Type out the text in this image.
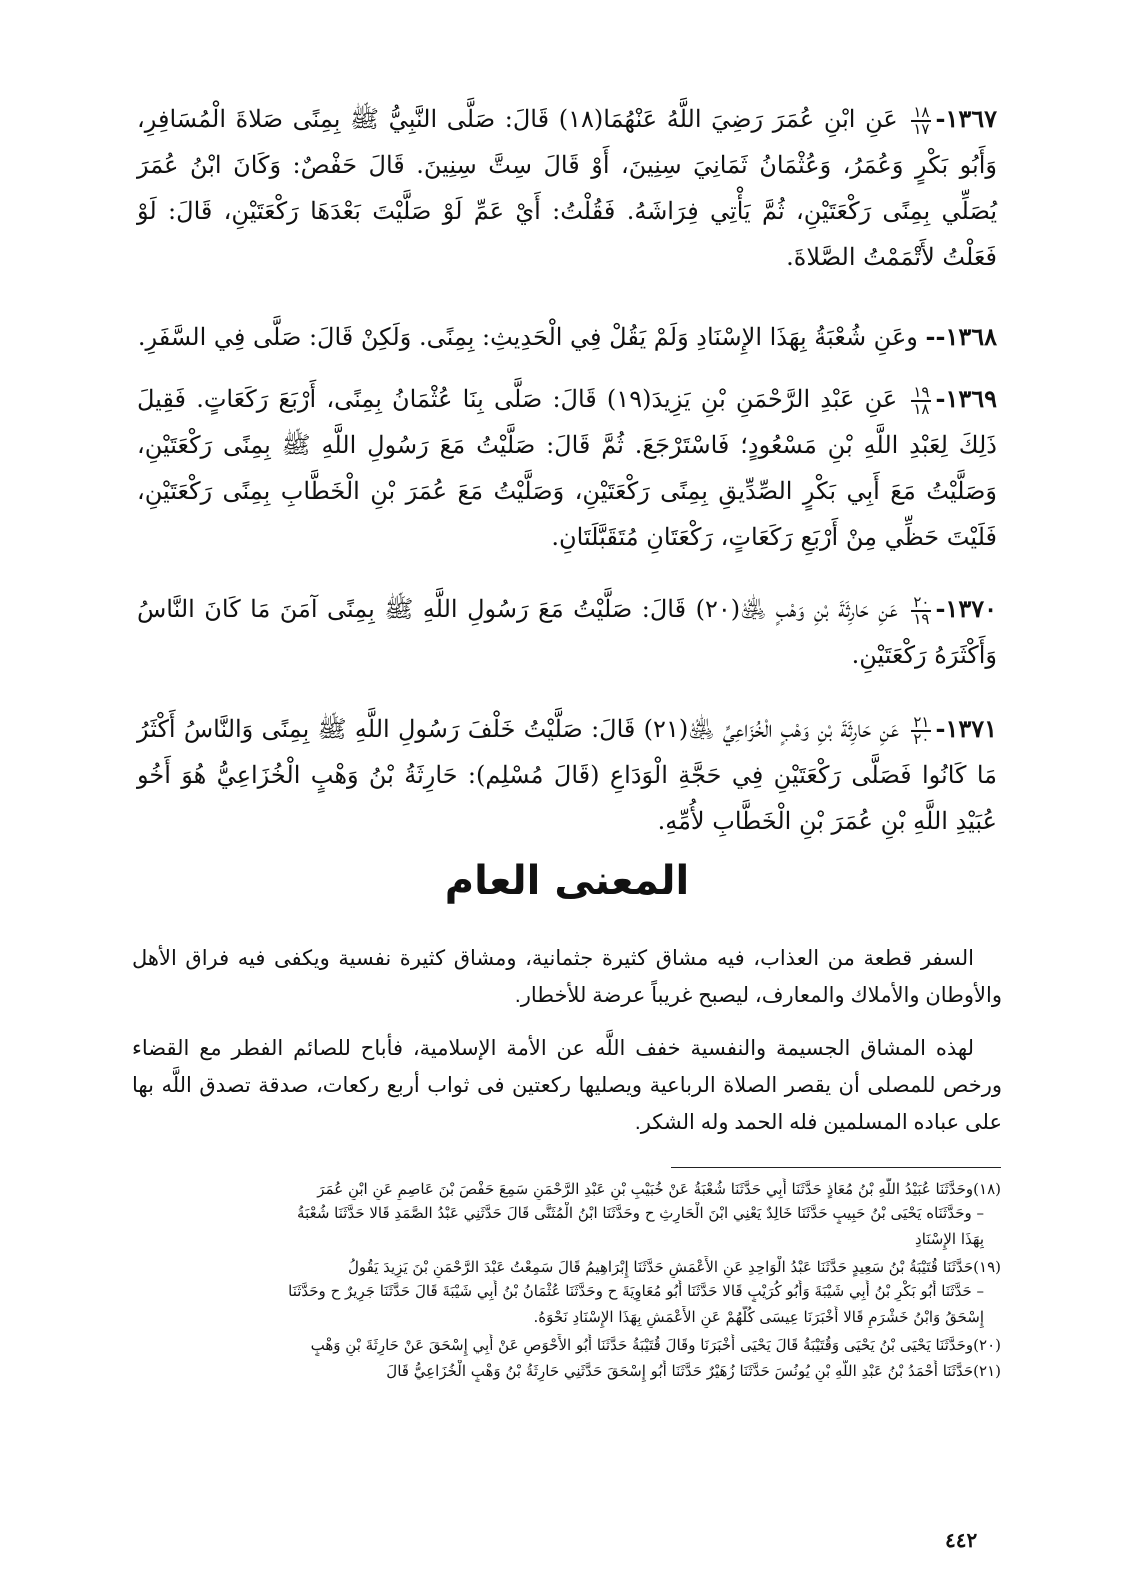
١٣٦٧-
$\frac{١٨}{١٧}$
عَنِ ابْنِ عُمَرَ رَضِيَ اللَّهُ عَنْهُمَا(١٨) قَالَ: صَلَّى النَّبِيُّ ﷺ بِمِنًى صَلاةَ الْمُسَافِرِ، وَأَبُو بَكْرٍ وَعُمَرُ، وَعُثْمَانُ ثَمَانِيَ سِنِينَ، أَوْ قَالَ سِتَّ سِنِينَ. قَالَ حَفْصٌ: وَكَانَ ابْنُ عُمَرَ يُصَلِّي بِمِنًى رَكْعَتَيْنِ، ثُمَّ يَأْتِي فِرَاشَهُ. فَقُلْتُ: أَيْ عَمِّ لَوْ صَلَّيْتَ بَعْدَهَا رَكْعَتَيْنِ، قَالَ: لَوْ فَعَلْتُ لأَتْمَمْتُ الصَّلاةَ.

١٣٦٨-- وعَنِ شُعْبَةُ بِهَذَا الإِسْنَادِ وَلَمْ يَقُلْ فِي الْحَدِيثِ: بِمِنًى. وَلَكِنْ قَالَ: صَلَّى فِي السَّفَرِ.

١٣٦٩-
$\frac{١٩}{١٨}$
عَنِ عَبْدِ الرَّحْمَنِ بْنِ يَزِيدَ(١٩) قَالَ: صَلَّى بِنَا عُثْمَانُ بِمِنًى، أَرْبَعَ رَكَعَاتٍ. فَقِيلَ ذَلِكَ لِعَبْدِ اللَّهِ بْنِ مَسْعُودٍ؛ فَاسْتَرْجَعَ. ثُمَّ قَالَ: صَلَّيْتُ مَعَ رَسُولِ اللَّهِ ﷺ بِمِنًى رَكْعَتَيْنِ، وَصَلَّيْتُ مَعَ أَبِي بَكْرٍ الصِّدِّيقِ بِمِنًى رَكْعَتَيْنِ، وَصَلَّيْتُ مَعَ عُمَرَ بْنِ الْخَطَّابِ بِمِنًى رَكْعَتَيْنِ، فَلَيْتَ حَظِّي مِنْ أَرْبَعِ رَكَعَاتٍ، رَكْعَتَانِ مُتَقَبَّلَتَانِ.

١٣٧٠-
$\frac{٢٠}{١٩}$
عَنِ حَارِثَةَ بْنِ وَهْبٍ ﵁(٢٠) قَالَ: صَلَّيْتُ مَعَ رَسُولِ اللَّهِ ﷺ بِمِنًى آمَنَ مَا كَانَ النَّاسُ وَأَكْثَرَهُ رَكْعَتَيْنِ.

١٣٧١-
$\frac{٢١}{٢٠}$
عَنِ حَارِثَةَ بْنِ وَهْبٍ الْخُزَاعِيِّ ﵁(٢١) قَالَ: صَلَّيْتُ خَلْفَ رَسُولِ اللَّهِ ﷺ بِمِنًى وَالنَّاسُ أَكْثَرُ مَا كَانُوا فَصَلَّى رَكْعَتَيْنِ فِي حَجَّةِ الْوَدَاعِ (قَالَ مُسْلِم): حَارِثَةُ بْنُ وَهْبٍ الْخُزَاعِيُّ هُوَ أَخُو عُبَيْدِ اللَّهِ بْنِ عُمَرَ بْنِ الْخَطَّابِ لأُمِّهِ.

المعنى العام

السفر قطعة من العذاب، فيه مشاق كثيرة جثمانية، ومشاق كثيرة نفسية ويكفى فيه فراق الأهل والأوطان والأملاك والمعارف، ليصبح غريباً عرضة للأخطار.

لهذه المشاق الجسيمة والنفسية خفف اللَّه عن الأمة الإسلامية، فأباح للصائم الفطر مع القضاء ورخص للمصلى أن يقصر الصلاة الرباعية ويصليها ركعتين فى ثواب أربع ركعات، صدقة تصدق اللَّه بها على عباده المسلمين فله الحمد وله الشكر.

(١٨)وحَدَّثَنَا عُبَيْدُ اللَّهِ بْنُ مُعَاذٍ حَدَّثَنَا أَبِي حَدَّثَنَا شُعْبَةُ عَنْ خُبَيْبِ بْنِ عَبْدِ الرَّحْمَنِ سَمِعَ حَفْصَ بْنَ عَاصِمٍ عَنِ ابْنِ عُمَرَ

– وحَدَّثَنَاه يَحْيَى بْنُ حَبِيبٍ حَدَّثَنَا خَالِدٌ يَعْنِي ابْنَ الْحَارِثِ ح وحَدَّثَنَا ابْنُ الْمُثَنَّى قَالَ حَدَّثَنِي عَبْدُ الصَّمَدِ قَالا حَدَّثَنَا شُعْبَةُ

بِهَذَا الإِسْنَادِ

(١٩)حَدَّثَنَا قُتَيْبَةُ بْنُ سَعِيدٍ حَدَّثَنَا عَبْدُ الْوَاحِدِ عَنِ الأَعْمَشِ حَدَّثَنَا إِبْرَاهِيمُ قَالَ سَمِعْتُ عَبْدَ الرَّحْمَنِ بْنَ يَزِيدَ يَقُولُ

– حَدَّثَنَا أَبُو بَكْرِ بْنُ أَبِي شَيْبَةَ وَأَبُو كُرَيْبٍ قَالا حَدَّثَنَا أَبُو مُعَاوِيَةَ ح وحَدَّثَنَا عُثْمَانُ بْنُ أَبِي شَيْبَةَ قَالَ حَدَّثَنَا جَرِيرٌ ح وحَدَّثَنَا

إِسْحَقُ وَابْنُ خَشْرَمٍ قَالا أَخْبَرَنَا عِيسَى كُلُّهُمْ عَنِ الأَعْمَشِ بِهَذَا الإِسْنَادِ نَحْوَهُ.

(٢٠)وحَدَّثَنَا يَحْيَى بْنُ يَحْيَى وَقُتَيْبَةُ قَالَ يَحْيَى أَخْبَرَنَا وقَالَ قُتَيْبَةُ حَدَّثَنَا أَبُو الأَحْوَصِ عَنْ أَبِي إِسْحَقَ عَنْ حَارِثَةَ بْنِ وَهْبٍ

(٢١)حَدَّثَنَا أَحْمَدُ بْنُ عَبْدِ اللَّهِ بْنِ يُونُسَ حَدَّثَنَا زُهَيْرٌ حَدَّثَنَا أَبُو إِسْحَقَ حَدَّثَنِي حَارِثَةُ بْنُ وَهْبٍ الْخُزَاعِيُّ قَالَ

٤٤٢
